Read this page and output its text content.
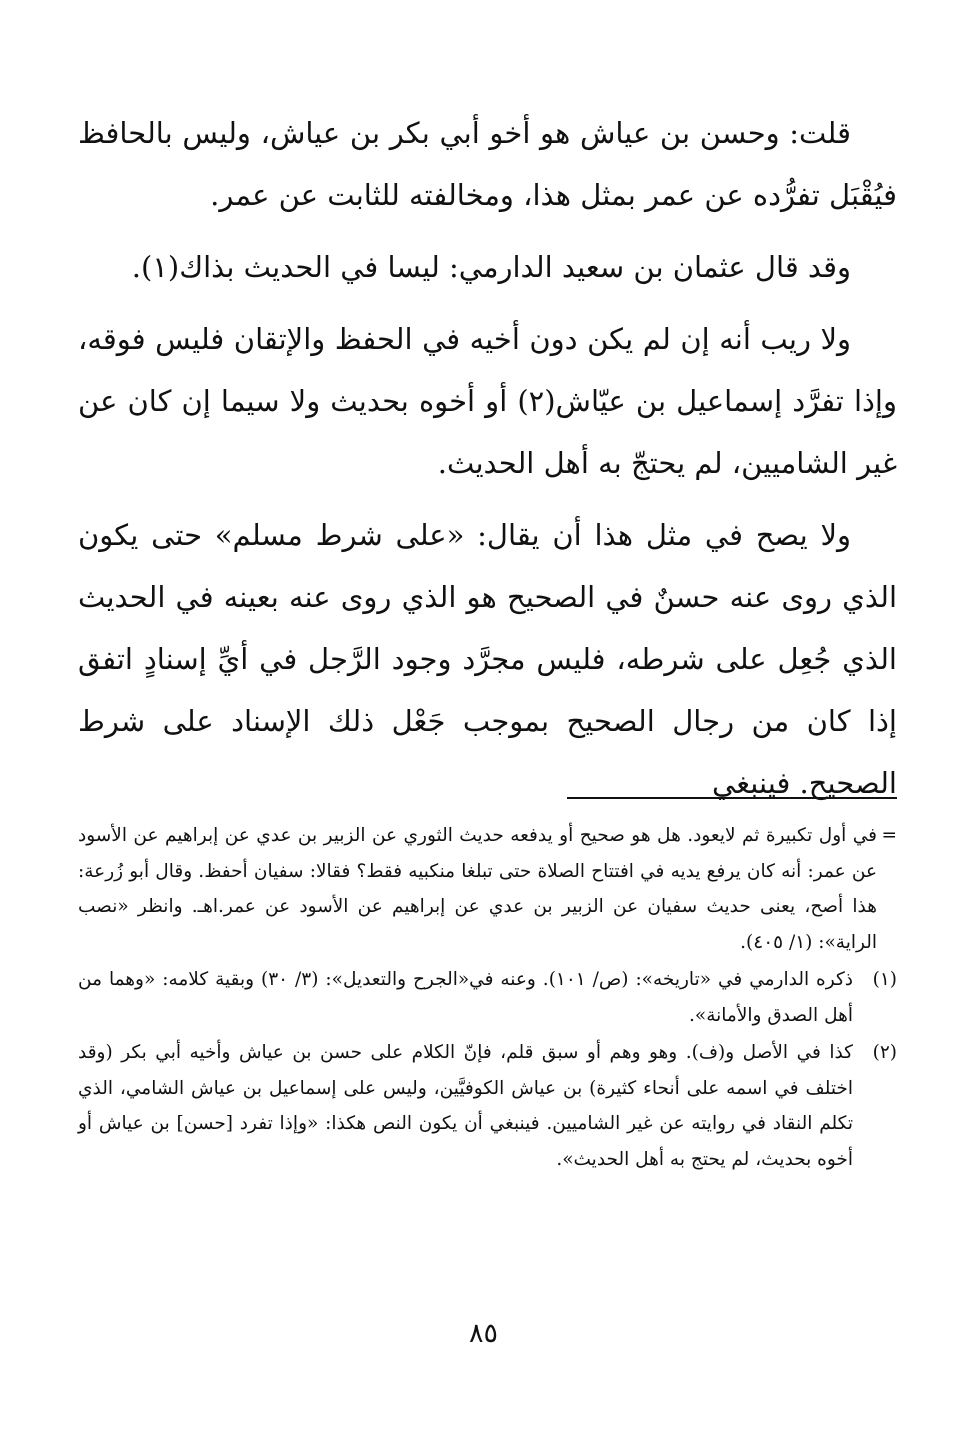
قلت: وحسن بن عياش هو أخو أبي بكر بن عياش، وليس بالحافظ فيُقْبَل تفرُّده عن عمر بمثل هذا، ومخالفته للثابت عن عمر.

وقد قال عثمان بن سعيد الدارمي: ليسا في الحديث بذاك(١).

ولا ريب أنه إن لم يكن دون أخيه في الحفظ والإتقان فليس فوقه، وإذا تفرَّد إسماعيل بن عيّاش(٢) أو أخوه بحديث ولا سيما إن كان عن غير الشاميين، لم يحتجّ به أهل الحديث.

ولا يصح في مثل هذا أن يقال: «على شرط مسلم» حتى يكون الذي روى عنه حسنٌ في الصحيح هو الذي روى عنه بعينه في الحديث الذي جُعِل على شرطه، فليس مجرَّد وجود الرَّجل في أيِّ إسنادٍ اتفق إذا كان من رجال الصحيح بموجب جَعْل ذلك الإسناد على شرط الصحيح. فينبغي

=
في أول تكبيرة ثم لايعود. هل هو صحيح أو يدفعه حديث الثوري عن الزبير بن عدي عن إبراهيم عن الأسود عن عمر: أنه كان يرفع يديه في افتتاح الصلاة حتى تبلغا منكبيه فقط؟ فقالا: سفيان أحفظ. وقال أبو زُرعة: هذا أصح، يعنى حديث سفيان عن الزبير بن عدي عن إبراهيم عن الأسود عن عمر.اهـ. وانظر «نصب الراية»: (١/ ٤٠٥).
(١)
ذكره الدارمي في «تاريخه»: (ص/ ١٠١). وعنه في«الجرح والتعديل»: (٣/ ٣٠) وبقية كلامه: «وهما من أهل الصدق والأمانة».
(٢)
كذا في الأصل و(ف). وهو وهم أو سبق قلم، فإنّ الكلام على حسن بن عياش وأخيه أبي بكر (وقد اختلف في اسمه على أنحاء كثيرة) بن عياش الكوفيَّين، وليس على إسماعيل بن عياش الشامي، الذي تكلم النقاد في روايته عن غير الشاميين. فينبغي أن يكون النص هكذا: «وإذا تفرد [حسن] بن عياش أو أخوه بحديث، لم يحتج به أهل الحديث».
٨٥
